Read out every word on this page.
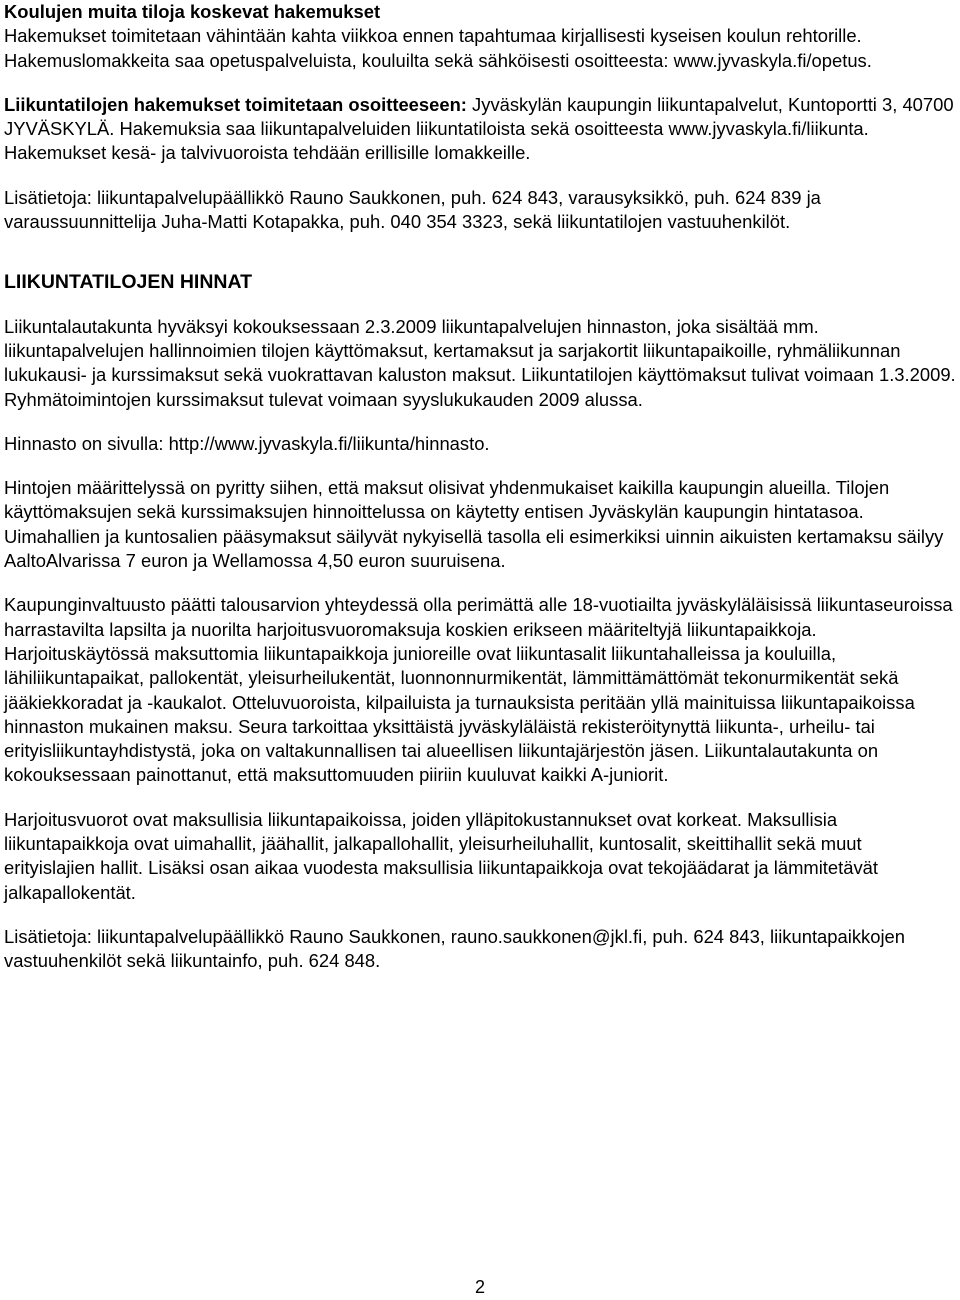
Koulujen muita tiloja koskevat hakemukset

Hakemukset toimitetaan vähintään kahta viikkoa ennen tapahtumaa kirjallisesti kyseisen koulun rehtorille. Hakemuslomakkeita saa opetuspalveluista, kouluilta sekä sähköisesti osoitteesta: www.jyvaskyla.fi/opetus.

Liikuntatilojen hakemukset toimitetaan osoitteeseen: Jyväskylän kaupungin liikuntapalvelut, Kuntoportti 3, 40700 JYVÄSKYLÄ. Hakemuksia saa liikuntapalveluiden liikuntatiloista sekä osoitteesta www.jyvaskyla.fi/liikunta. Hakemukset kesä- ja talvivuoroista tehdään erillisille lomakkeille.

Lisätietoja: liikuntapalvelupäällikkö Rauno Saukkonen, puh. 624 843, varausyksikkö, puh. 624 839 ja varaussuunnittelija Juha-Matti Kotapakka, puh. 040 354 3323, sekä liikuntatilojen vastuuhenkilöt.

LIIKUNTATILOJEN HINNAT

Liikuntalautakunta hyväksyi kokouksessaan 2.3.2009 liikuntapalvelujen hinnaston, joka sisältää mm. liikuntapalvelujen hallinnoimien tilojen käyttömaksut, kertamaksut ja sarjakortit liikuntapaikoille, ryhmäliikunnan lukukausi- ja kurssimaksut sekä vuokrattavan kaluston maksut. Liikuntatilojen käyttömaksut tulivat voimaan 1.3.2009. Ryhmätoimintojen kurssimaksut tulevat voimaan syyslukukauden 2009 alussa.

Hinnasto on sivulla: http://www.jyvaskyla.fi/liikunta/hinnasto.

Hintojen määrittelyssä on pyritty siihen, että maksut olisivat yhdenmukaiset kaikilla kaupungin alueilla. Tilojen käyttömaksujen sekä kurssimaksujen hinnoittelussa on käytetty entisen Jyväskylän kaupungin hintatasoa. Uimahallien ja kuntosalien pääsymaksut säilyvät nykyisellä tasolla eli esimerkiksi uinnin aikuisten kertamaksu säilyy AaltoAlvarissa 7 euron ja Wellamossa 4,50 euron suuruisena.

Kaupunginvaltuusto päätti talousarvion yhteydessä olla perimättä alle 18-vuotiailta jyväskyläläisissä liikuntaseuroissa harrastavilta lapsilta ja nuorilta harjoitusvuoromaksuja koskien erikseen määriteltyjä liikuntapaikkoja. Harjoituskäytössä maksuttomia liikuntapaikkoja junioreille ovat liikuntasalit liikuntahalleissa ja kouluilla, lähiliikuntapaikat, pallokentät, yleisurheilukentät, luonnonnurmikentät, lämmittämättömät tekonurmikentät sekä jääkiekkoradat ja -kaukalot. Otteluvuoroista, kilpailuista ja turnauksista peritään yllä mainituissa liikuntapaikoissa hinnaston mukainen maksu. Seura tarkoittaa yksittäistä jyväskyläläistä rekisteröitynyttä liikunta-, urheilu- tai erityisliikuntayhdistystä, joka on valtakunnallisen tai alueellisen liikuntajärjestön jäsen. Liikuntalautakunta on kokouksessaan painottanut, että maksuttomuuden piiriin kuuluvat kaikki A-juniorit.

Harjoitusvuorot ovat maksullisia liikuntapaikoissa, joiden ylläpitokustannukset ovat korkeat. Maksullisia liikuntapaikkoja ovat uimahallit, jäähallit, jalkapallohallit, yleisurheiluhallit, kuntosalit, skeittihallit sekä muut erityislajien hallit. Lisäksi osan aikaa vuodesta maksullisia liikuntapaikkoja ovat tekojäädarat ja lämmitetävät jalkapallokentät.

Lisätietoja: liikuntapalvelupäällikkö Rauno Saukkonen, rauno.saukkonen@jkl.fi, puh. 624 843, liikuntapaikkojen vastuuhenkilöt sekä liikuntainfo, puh. 624 848.

2
